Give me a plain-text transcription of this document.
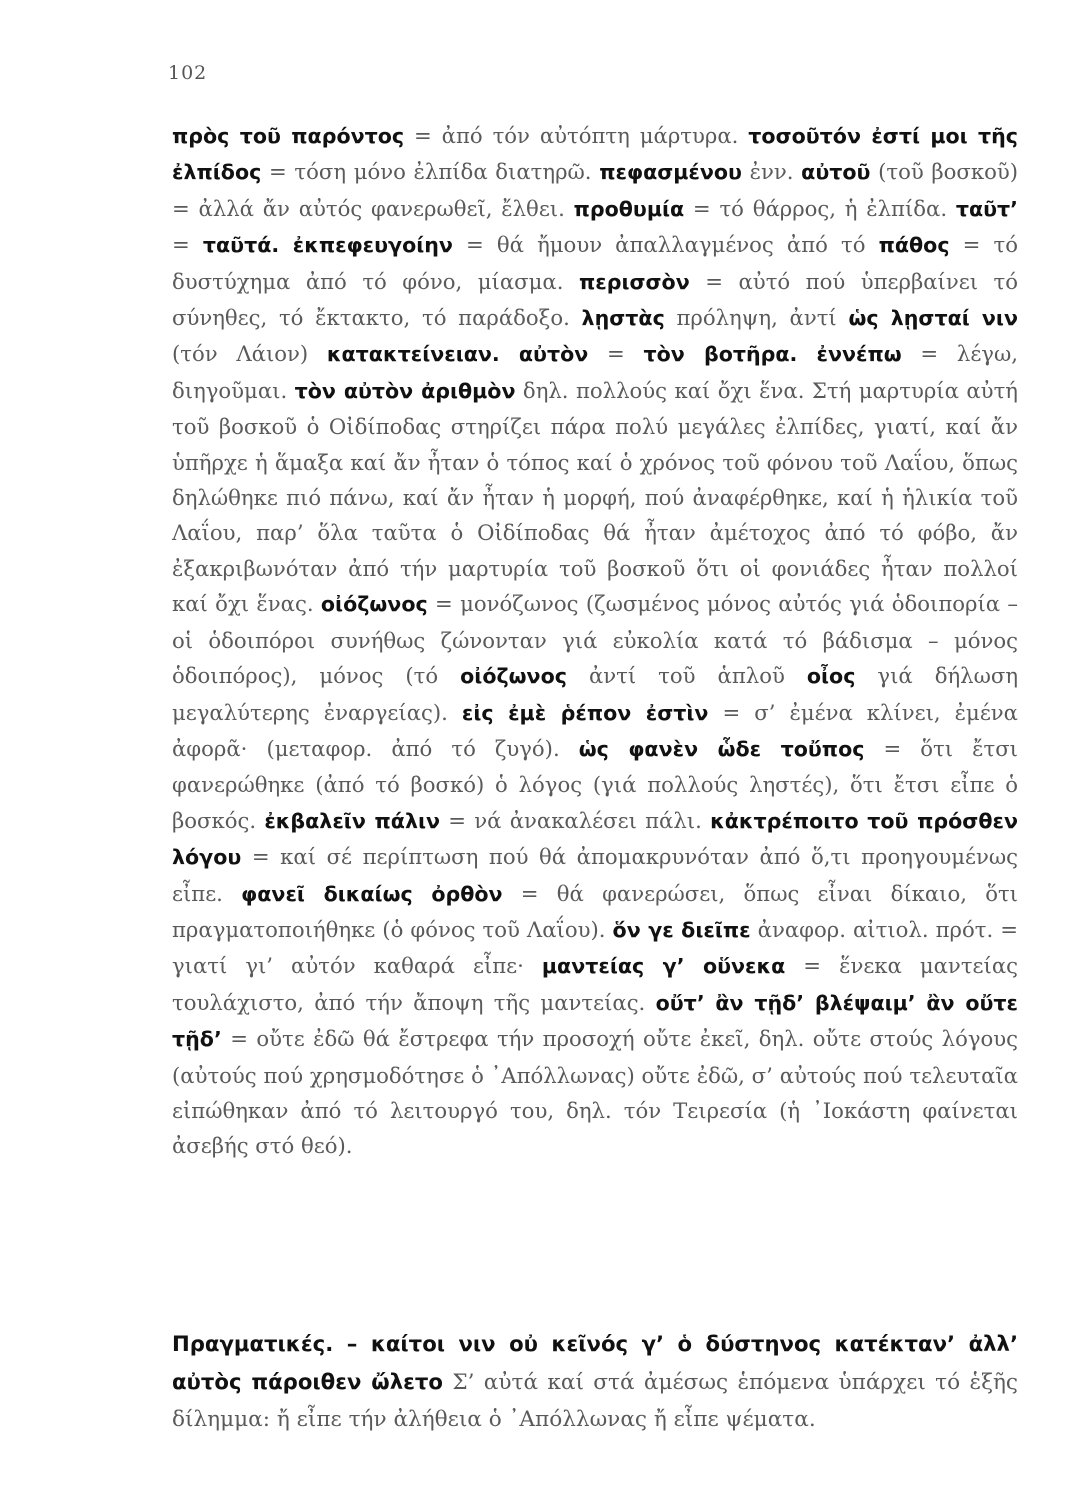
102

πρὸς τοῦ παρόντος = ἀπό τόν αὐτόπτη μάρτυρα. τοσοῦτόν ἐστί μοι τῆς ἐλπίδος = τόση μόνο ἐλπίδα διατηρῶ. πεφασμένου ἐνν. αὐτοῦ (τοῦ βοσκοῦ) = ἀλλά ἄν αὐτός φανερωθεῖ, ἔλθει. προθυμία = τό θάρρος, ἡ ἐλπίδα. ταῦτ’ = ταῦτά. ἐκπεφευγοίην = θά ἤμουν ἀπαλλαγμένος ἀπό τό πάθος = τό δυστύχημα ἀπό τό φόνο, μίασμα. περισσὸν = αὐτό πού ὑπερβαίνει τό σύνηθες, τό ἔκτακτο, τό παράδοξο. λῃστὰς πρόληψη, ἀντί ὡς λῃσταί νιν (τόν Λάιον) κατακτείνειαν. αὐτὸν = τὸν βοτῆρα. ἐννέπω = λέγω, διηγοῦμαι. τὸν αὐτὸν ἀριθμὸν δηλ. πολλούς καί ὄχι ἕνα. Στή μαρτυρία αὐτή τοῦ βοσκοῦ ὁ Οἰδίποδας στηρίζει πάρα πολύ μεγάλες ἐλπίδες, γιατί, καί ἄν ὑπῆρχε ἡ ἅμαξα καί ἄν ἦταν ὁ τόπος καί ὁ χρόνος τοῦ φόνου τοῦ Λαΐου, ὅπως δηλώθηκε πιό πάνω, καί ἄν ἦταν ἡ μορφή, πού ἀναφέρθηκε, καί ἡ ἡλικία τοῦ Λαΐου, παρ’ ὅλα ταῦτα ὁ Οἰδίποδας θά ἦταν ἀμέτοχος ἀπό τό φόβο, ἄν ἐξακριβωνόταν ἀπό τήν μαρτυρία τοῦ βοσκοῦ ὅτι οἱ φονιάδες ἦταν πολλοί καί ὄχι ἕνας. οἰόζωνος = μονόζωνος (ζωσμένος μόνος αὐτός γιά ὁδοιπορία – οἱ ὁδοιπόροι συνήθως ζώνονταν γιά εὐκολία κατά τό βάδισμα – μόνος ὁδοιπόρος), μόνος (τό οἰόζωνος ἀντί τοῦ ἁπλοῦ οἶος γιά δήλωση μεγαλύτερης ἐναργείας). εἰς ἐμὲ ῥέπον ἐστὶν = σ’ ἐμένα κλίνει, ἐμένα ἀφορᾶ· (μεταφορ. ἀπό τό ζυγό). ὡς φανὲν ὧδε τοὔπος = ὅτι ἔτσι φανερώθηκε (ἀπό τό βοσκό) ὁ λόγος (γιά πολλούς ληστές), ὅτι ἔτσι εἶπε ὁ βοσκός. ἐκβαλεῖν πάλιν = νά ἀνακαλέσει πάλι. κἀκτρέποιτο τοῦ πρόσθεν λόγου = καί σέ περίπτωση πού θά ἀπομακρυνόταν ἀπό ὅ,τι προηγουμένως εἶπε. φανεῖ δικαίως ὀρθὸν = θά φανερώσει, ὅπως εἶναι δίκαιο, ὅτι πραγματοποιήθηκε (ὁ φόνος τοῦ Λαΐου). ὅν γε διεῖπε ἀναφορ. αἰτιολ. πρότ. = γιατί γι’ αὐτόν καθαρά εἶπε· μαντείας γ’ οὕνεκα = ἕνεκα μαντείας τουλάχιστο, ἀπό τήν ἄποψη τῆς μαντείας. οὔτ’ ἂν τῇδ’ βλέψαιμ’ ἂν οὔτε τῇδ’ = οὔτε ἐδῶ θά ἔστρεφα τήν προσοχή οὔτε ἐκεῖ, δηλ. οὔτε στούς λόγους (αὐτούς πού χρησμοδότησε ὁ ᾽Απόλλωνας) οὔτε ἐδῶ, σ’ αὐτούς πού τελευταῖα εἰπώθηκαν ἀπό τό λειτουργό του, δηλ. τόν Τειρεσία (ἡ ᾽Ιοκάστη φαίνεται ἀσεβής στό θεό).

Πραγματικές. – καίτοι νιν οὐ κεῖνός γ’ ὁ δύστηνος κατέκταν’ ἀλλ’ αὐτὸς πάροιθεν ὤλετο Σ’ αὐτά καί στά ἀμέσως ἑπόμενα ὑπάρχει τό ἑξῆς δίλημμα: ἤ εἶπε τήν ἀλήθεια ὁ ᾽Απόλλωνας ἤ εἶπε ψέματα.
